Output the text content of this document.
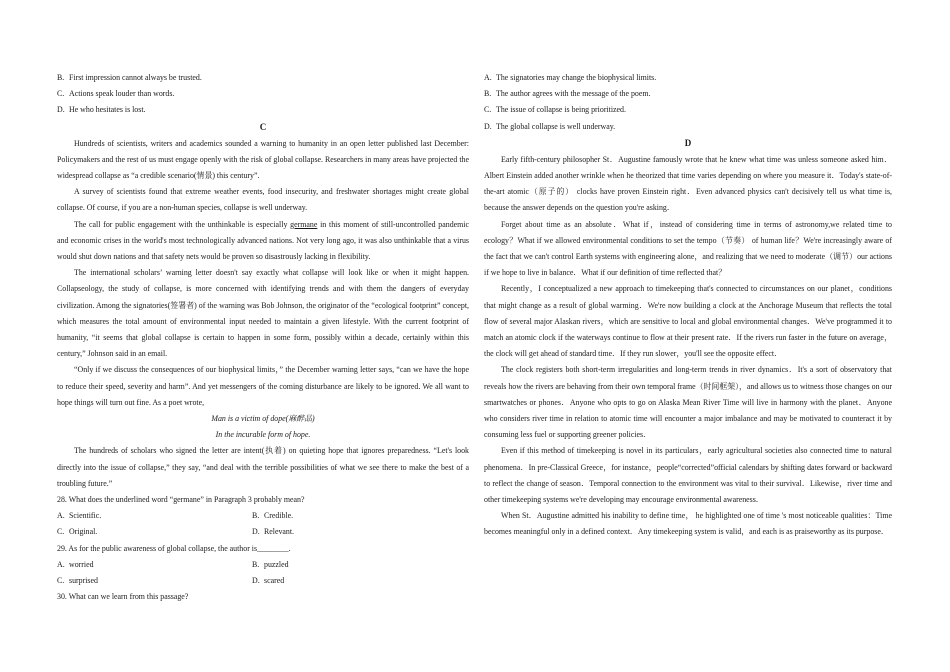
B. First impression cannot always be trusted.
C. Actions speak louder than words.
D. He who hesitates is lost.
C

Hundreds of scientists, writers and academics sounded a warning to humanity in an open letter published last December: Policymakers and the rest of us must engage openly with the risk of global collapse. Researchers in many areas have projected the widespread collapse as “a credible scenario(情景) this century”.

A survey of scientists found that extreme weather events, food insecurity, and freshwater shortages might create global collapse. Of course, if you are a non-human species, collapse is well underway.

The call for public engagement with the unthinkable is especially germane in this moment of still-uncontrolled pandemic and economic crises in the world's most technologically advanced nations. Not very long ago, it was also unthinkable that a virus would shut down nations and that safety nets would be proven so disastrously lacking in flexibility.

The international scholars’ warning letter doesn't say exactly what collapse will look like or when it might happen. Collapseology, the study of collapse, is more concerned with identifying trends and with them the dangers of everyday civilization. Among the signatories(签署者) of the warning was Bob Johnson, the originator of the “ecological footprint” concept, which measures the total amount of environmental input needed to maintain a given lifestyle. With the current footprint of humanity, “it seems that global collapse is certain to happen in some form, possibly within a decade, certainly within this century,” Johnson said in an email.

“Only if we discuss the consequences of our biophysical limits，” the December warning letter says, “can we have the hope to reduce their speed, severity and harm”. And yet messengers of the coming disturbance are likely to be ignored. We all want to hope things will turn out fine. As a poet wrote,

Man is a victim of dope(麻醉品)
In the incurable form of hope.

The hundreds of scholars who signed the letter are intent(执着) on quieting hope that ignores preparedness. “Let's look directly into the issue of collapse,” they say, “and deal with the terrible possibilities of what we see there to make the best of a troubling future.”

28. What does the underlined word “germane” in Paragraph 3 probably mean?
A. Scientific.	B. Credible.
C. Original.	D. Relevant.
29. As for the public awareness of global collapse, the author is________.
A. worried	B. puzzled
C. surprised	D. scared
30. What can we learn from this passage?
A. The signatories may change the biophysical limits.
B. The author agrees with the message of the poem.
C. The issue of collapse is being prioritized.
D. The global collapse is well underway.
D

Early fifth-century philosopher St．Augustine famously wrote that he knew what time was unless someone asked him．Albert Einstein added another wrinkle when he theorized that time varies depending on where you measure it．Today's state-of-the-art atomic（原子的） clocks have proven Einstein right．Even advanced physics can't decisively tell us what time is, because the answer depends on the question you're asking．

Forget about time as an absolute．What if，instead of considering time in terms of astronomy,we related time to ecology？What if we allowed environmental conditions to set the tempo（节奏） of human life？We're increasingly aware of the fact that we can't control Earth systems with engineering alone，and realizing that we need to moderate（调节）our actions if we hope to live in balance．What if our definition of time reflected that？

Recently，I conceptualized a new approach to timekeeping that's connected to circumstances on our planet，conditions that might change as a result of global warming．We're now building a clock at the Anchorage Museum that reflects the total flow of several major Alaskan rivers，which are sensitive to local and global environmental changes．We've programmed it to match an atomic clock if the waterways continue to flow at their present rate．If the rivers run faster in the future on average，the clock will get ahead of standard time．If they run slower，you'll see the opposite effect．

The clock registers both short-term irregularities and long-term trends in river dynamics．It's a sort of observatory that reveals how the rivers are behaving from their own temporal frame（时间框架），and allows us to witness those changes on our smartwatches or phones．Anyone who opts to go on Alaska Mean River Time will live in harmony with the planet．Anyone who considers river time in relation to atomic time will encounter a major imbalance and may be motivated to counteract it by consuming less fuel or supporting greener policies．

Even if this method of timekeeping is novel in its particulars，early agricultural societies also connected time to natural phenomena．In pre-Classical Greece，for instance，people“corrected”official calendars by shifting dates forward or backward to reflect the change of season．Temporal connection to the environment was vital to their survival．Likewise，river time and other timekeeping systems we're developing may encourage environmental awareness．

When St．Augustine admitted his inability to define time， he highlighted one of time 's most noticeable qualities：Time becomes meaningful only in a defined context．Any timekeeping system is valid，and each is as praiseworthy as its purpose．
